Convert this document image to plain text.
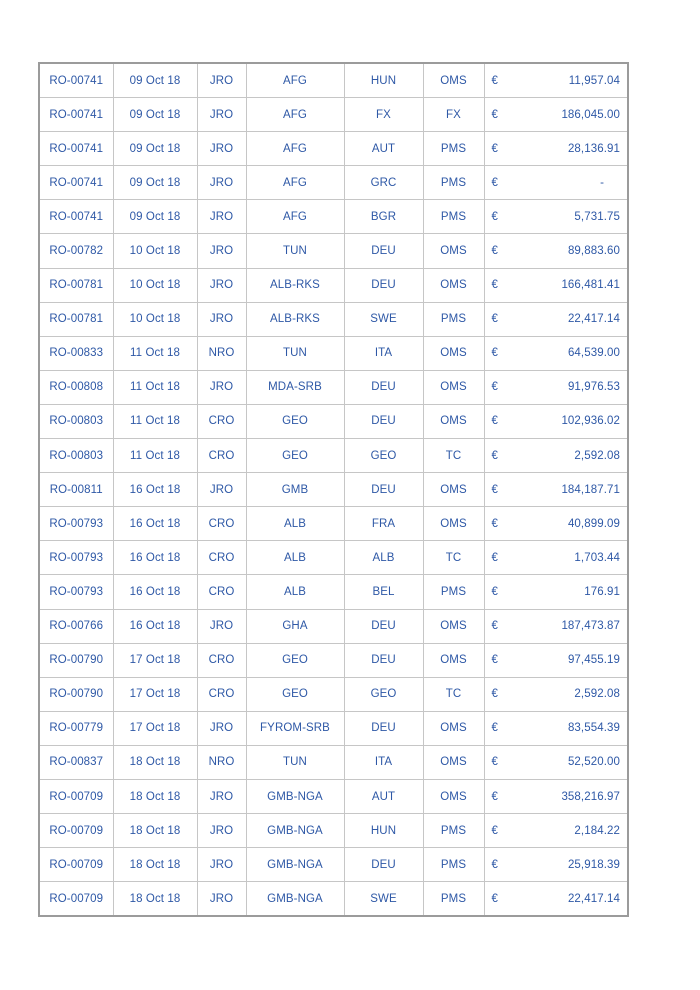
RO-00741	09 Oct 18	JRO	AFG	HUN	OMS	€ 11,957.04

RO-00741	09 Oct 18	JRO	AFG	FX	FX	€ 186,045.00

RO-00741	09 Oct 18	JRO	AFG	AUT	PMS	€ 28,136.91

RO-00741	09 Oct 18	JRO	AFG	GRC	PMS	€ -

RO-00741	09 Oct 18	JRO	AFG	BGR	PMS	€ 5,731.75

RO-00782	10 Oct 18	JRO	TUN	DEU	OMS	€ 89,883.60

RO-00781	10 Oct 18	JRO	ALB-RKS	DEU	OMS	€ 166,481.41

RO-00781	10 Oct 18	JRO	ALB-RKS	SWE	PMS	€ 22,417.14

RO-00833	11 Oct 18	NRO	TUN	ITA	OMS	€ 64,539.00

RO-00808	11 Oct 18	JRO	MDA-SRB	DEU	OMS	€ 91,976.53

RO-00803	11 Oct 18	CRO	GEO	DEU	OMS	€ 102,936.02

RO-00803	11 Oct 18	CRO	GEO	GEO	TC	€ 2,592.08

RO-00811	16 Oct 18	JRO	GMB	DEU	OMS	€ 184,187.71

RO-00793	16 Oct 18	CRO	ALB	FRA	OMS	€ 40,899.09

RO-00793	16 Oct 18	CRO	ALB	ALB	TC	€ 1,703.44

RO-00793	16 Oct 18	CRO	ALB	BEL	PMS	€ 176.91

RO-00766	16 Oct 18	JRO	GHA	DEU	OMS	€ 187,473.87

RO-00790	17 Oct 18	CRO	GEO	DEU	OMS	€ 97,455.19

RO-00790	17 Oct 18	CRO	GEO	GEO	TC	€ 2,592.08

RO-00779	17 Oct 18	JRO	FYROM-SRB	DEU	OMS	€ 83,554.39

RO-00837	18 Oct 18	NRO	TUN	ITA	OMS	€ 52,520.00

RO-00709	18 Oct 18	JRO	GMB-NGA	AUT	OMS	€ 358,216.97

RO-00709	18 Oct 18	JRO	GMB-NGA	HUN	PMS	€ 2,184.22

RO-00709	18 Oct 18	JRO	GMB-NGA	DEU	PMS	€ 25,918.39

RO-00709	18 Oct 18	JRO	GMB-NGA	SWE	PMS	€ 22,417.14
